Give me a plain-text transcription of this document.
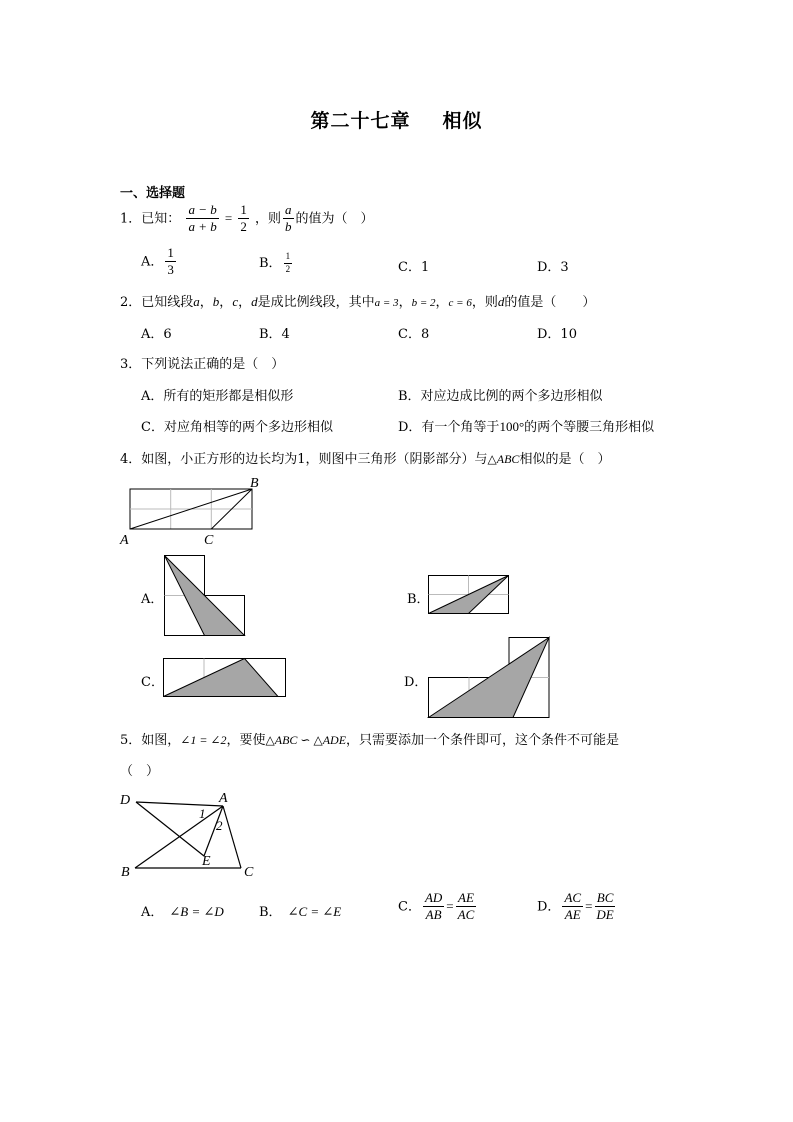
第二十七章 相似
一、选择题
1．已知： $\frac{a - b}{a + b} = \frac{1}{2}$ ，则 $\frac{a}{b}$ 的值为（　）
A． $\frac{1}{3}$	B． $\frac{1}{2}$	C．1	D．3
2．已知线段a，b，c，d是成比例线段，其中a = 3，b = 2，c = 6，则d的值是（　　）
A．6	B．4	C．8	D．10
3．下列说法正确的是（　）
A．所有的矩形都是相似形	B．对应边成比例的两个多边形相似
C．对应角相等的两个多边形相似	D．有一个角等于100°的两个等腰三角形相似
4．如图，小正方形的边长均为1，则图中三角形（阴影部分）与△ABC相似的是（　）
A
B
C
A．	B．
C．	D．
5．如图，∠1 = ∠2，要使△ABC ∽ △ADE，只需要添加一个条件即可，这个条件不可能是
（　）
D	A
B
E
C
1
2
A． ∠B = ∠D	B． ∠C = ∠E	C． $\frac{AD}{AB} = \frac{AE}{AC}$	D． $\frac{AC}{AE} = \frac{BC}{DE}$
